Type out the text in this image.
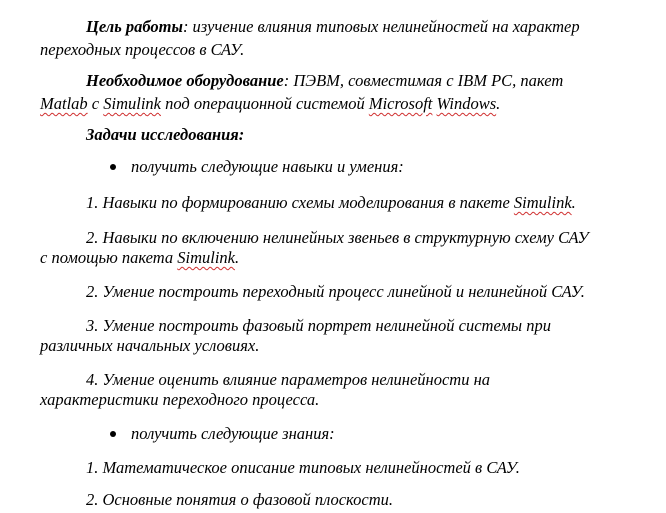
Цель работы: изучение влияния типовых нелинейностей на характер
переходных процессов в САУ.
Необходимое оборудование: ПЭВМ, совместимая с IBM PC, пакет
Matlab с Simulink под операционной системой Microsoft Windows.
Задачи исследования:
получить следующие навыки и умения:
1. Навыки по формированию схемы моделирования в пакете Simulink.
2. Навыки по включению нелинейных звеньев в структурную схему САУ
с помощью пакета Simulink.
2. Умение построить переходный процесс линейной и нелинейной САУ.
3. Умение построить фазовый портрет нелинейной системы при
различных начальных условиях.
4. Умение оценить влияние параметров нелинейности на
характеристики переходного процесса.
получить следующие знания:
1. Математическое описание типовых нелинейностей в САУ.
2. Основные понятия о фазовой плоскости.
